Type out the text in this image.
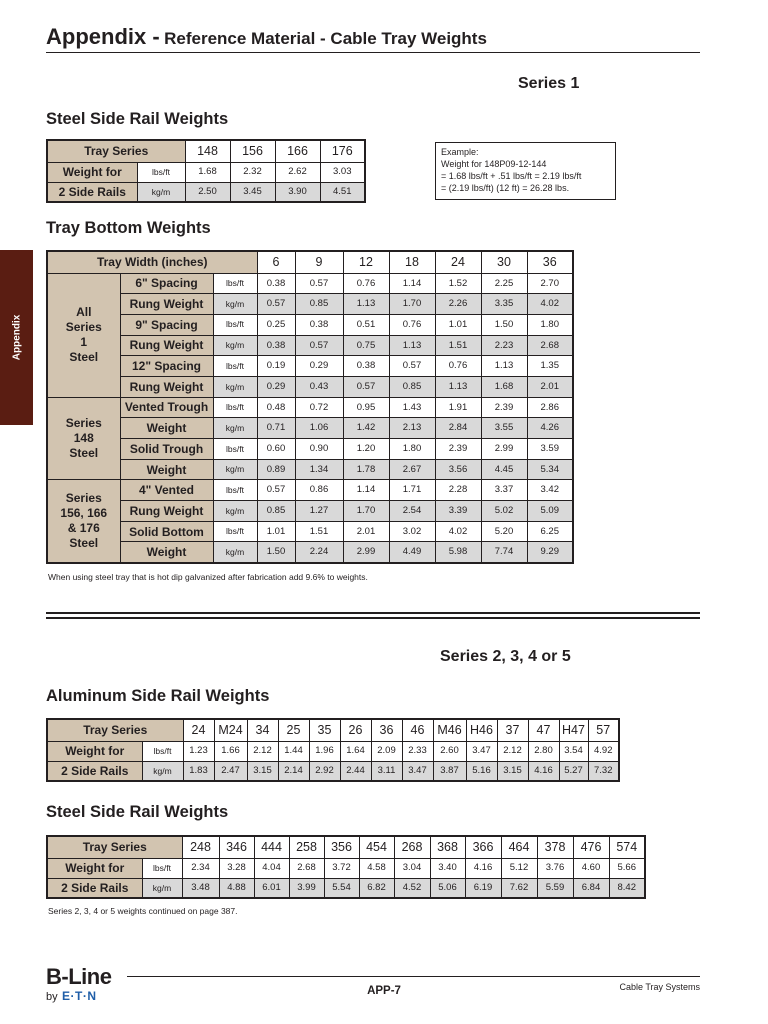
Appendix - Reference Material - Cable Tray Weights
Appendix
Series 1
Steel Side Rail Weights
Tray Series		148	156	166	176
Weight for	lbs/ft	1.68	2.32	2.62	3.03
2 Side Rails	kg/m	2.50	3.45	3.90	4.51
Example:
Weight for 148P09-12-144
= 1.68 lbs/ft + .51 lbs/ft = 2.19 lbs/ft
= (2.19 lbs/ft) (12 ft) = 26.28 lbs.
Tray Bottom Weights
Tray Width (inches)			6	9	12	18	24	30	36

All
Series
1
Steel	6" Spacing	lbs/ft	0.38	0.57	0.76	1.14	1.52	2.25	2.70
	Rung Weight	kg/m	0.57	0.85	1.13	1.70	2.26	3.35	4.02
	9" Spacing	lbs/ft	0.25	0.38	0.51	0.76	1.01	1.50	1.80
	Rung Weight	kg/m	0.38	0.57	0.75	1.13	1.51	2.23	2.68
	12" Spacing	lbs/ft	0.19	0.29	0.38	0.57	0.76	1.13	1.35
	Rung Weight	kg/m	0.29	0.43	0.57	0.85	1.13	1.68	2.01

Series
148
Steel	Vented Trough	lbs/ft	0.48	0.72	0.95	1.43	1.91	2.39	2.86
	Weight	kg/m	0.71	1.06	1.42	2.13	2.84	3.55	4.26
	Solid Trough	lbs/ft	0.60	0.90	1.20	1.80	2.39	2.99	3.59
	Weight	kg/m	0.89	1.34	1.78	2.67	3.56	4.45	5.34

Series
156, 166
& 176
Steel	4" Vented	lbs/ft	0.57	0.86	1.14	1.71	2.28	3.37	3.42
	Rung Weight	kg/m	0.85	1.27	1.70	2.54	3.39	5.02	5.09
	Solid Bottom	lbs/ft	1.01	1.51	2.01	3.02	4.02	5.20	6.25
	Weight	kg/m	1.50	2.24	2.99	4.49	5.98	7.74	9.29
When using steel tray that is hot dip galvanized after fabrication add 9.6% to weights.
Series 2, 3, 4 or 5
Aluminum Side Rail Weights
Tray Series		24	M24	34	25	35	26	36	46	M46	H46	37	47	H47	57
Weight for	lbs/ft	1.23	1.66	2.12	1.44	1.96	1.64	2.09	2.33	2.60	3.47	2.12	2.80	3.54	4.92
2 Side Rails	kg/m	1.83	2.47	3.15	2.14	2.92	2.44	3.11	3.47	3.87	5.16	3.15	4.16	5.27	7.32
Steel Side Rail Weights
Tray Series		248	346	444	258	356	454	268	368	366	464	378	476	574
Weight for	lbs/ft	2.34	3.28	4.04	2.68	3.72	4.58	3.04	3.40	4.16	5.12	3.76	4.60	5.66
2 Side Rails	kg/m	3.48	4.88	6.01	3.99	5.54	6.82	4.52	5.06	6.19	7.62	5.59	6.84	8.42
Series 2, 3, 4 or 5 weights continued on page 387.
B-Line
by E·T·N	APP-7	Cable Tray Systems
